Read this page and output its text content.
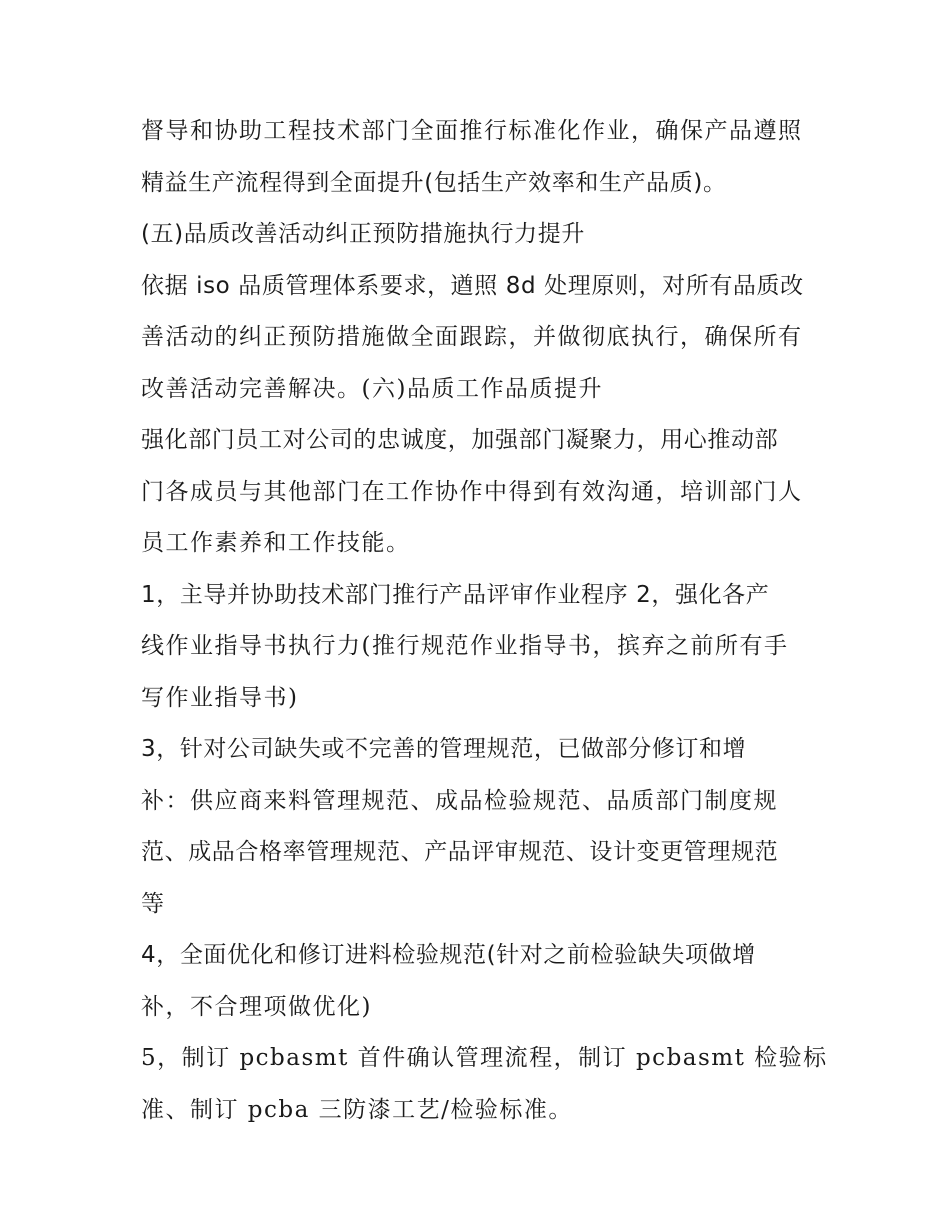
督导和协助工程技术部门全面推行标准化作业，确保产品遵照
精益生产流程得到全面提升(包括生产效率和生产品质)。
(五)品质改善活动纠正预防措施执行力提升
依据 iso 品质管理体系要求，遒照 8d 处理原则，对所有品质改
善活动的纠正预防措施做全面跟踪，并做彻底执行，确保所有
改善活动完善解决。(六)品质工作品质提升
强化部门员工对公司的忠诚度，加强部门凝聚力，用心推动部
门各成员与其他部门在工作协作中得到有效沟通，培训部门人
员工作素养和工作技能。
1，主导并协助技术部门推行产品评审作业程序 2，强化各产
线作业指导书执行力(推行规范作业指导书，摈弃之前所有手
写作业指导书)
3，针对公司缺失或不完善的管理规范，已做部分修订和增
补：供应商来料管理规范、成品检验规范、品质部门制度规
范、成品合格率管理规范、产品评审规范、设计变更管理规范
等
4，全面优化和修订进料检验规范(针对之前检验缺失项做增
补，不合理项做优化)
5，制订 pcbasmt 首件确认管理流程，制订 pcbasmt 检验标
准、制订 pcba 三防漆工艺/检验标准。
